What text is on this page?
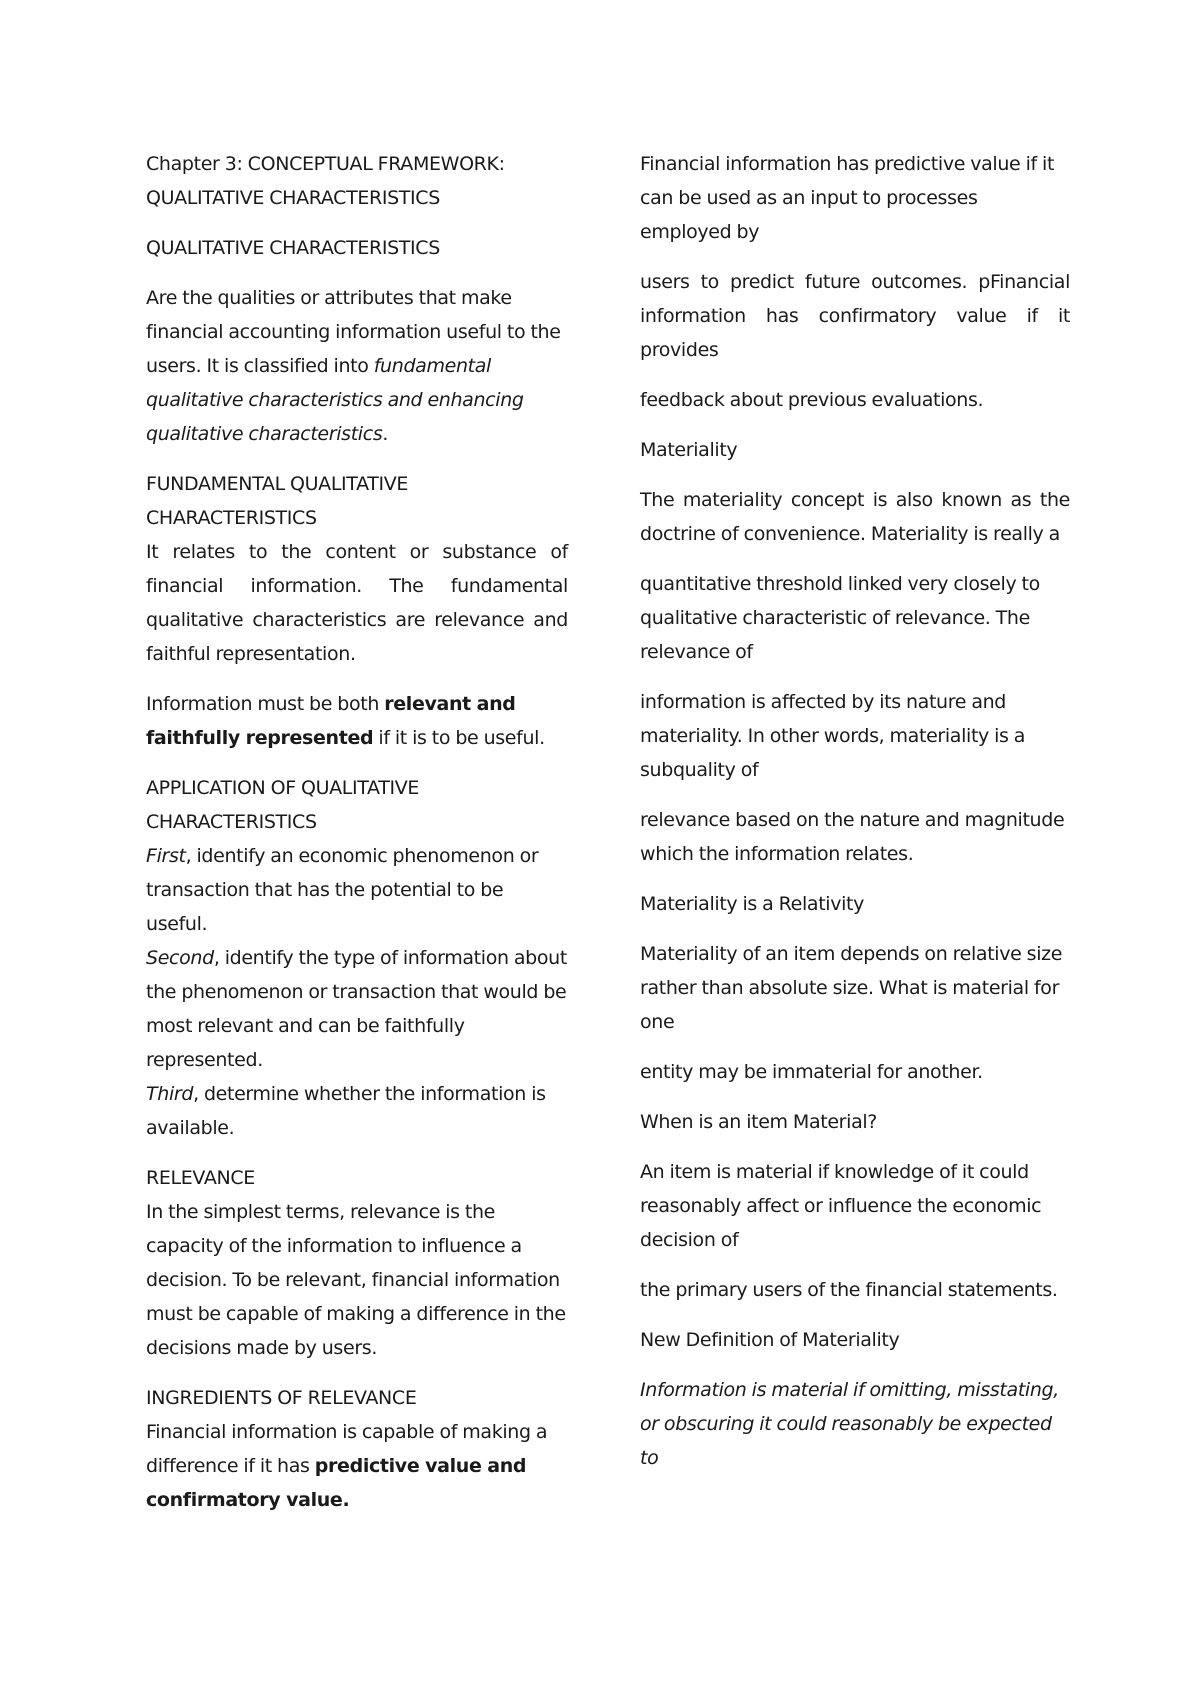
Chapter 3: CONCEPTUAL FRAMEWORK: QUALITATIVE CHARACTERISTICS

QUALITATIVE CHARACTERISTICS

Are the qualities or attributes that make financial accounting information useful to the users. It is classified into fundamental qualitative characteristics and enhancing qualitative characteristics.

FUNDAMENTAL QUALITATIVE CHARACTERISTICS

It relates to the content or substance of financial information. The fundamental qualitative characteristics are relevance and faithful representation.

Information must be both relevant and faithfully represented if it is to be useful.

APPLICATION OF QUALITATIVE CHARACTERISTICS

First, identify an economic phenomenon or transaction that has the potential to be useful.

Second, identify the type of information about the phenomenon or transaction that would be most relevant and can be faithfully represented.

Third, determine whether the information is available.

RELEVANCE

In the simplest terms, relevance is the capacity of the information to influence a decision. To be relevant, financial information must be capable of making a difference in the decisions made by users.

INGREDIENTS OF RELEVANCE

Financial information is capable of making a difference if it has predictive value and confirmatory value.

Financial information has predictive value if it can be used as an input to processes employed by

users to predict future outcomes. pFinancial information has confirmatory value if it provides

feedback about previous evaluations.

Materiality

The materiality concept is also known as the doctrine of convenience. Materiality is really a

quantitative threshold linked very closely to qualitative characteristic of relevance. The relevance of

information is affected by its nature and materiality. In other words, materiality is a subquality of

relevance based on the nature and magnitude which the information relates.

Materiality is a Relativity

Materiality of an item depends on relative size rather than absolute size. What is material for one

entity may be immaterial for another.

When is an item Material?

An item is material if knowledge of it could reasonably affect or influence the economic decision of

the primary users of the financial statements.

New Definition of Materiality

Information is material if omitting, misstating, or obscuring it could reasonably be expected to
